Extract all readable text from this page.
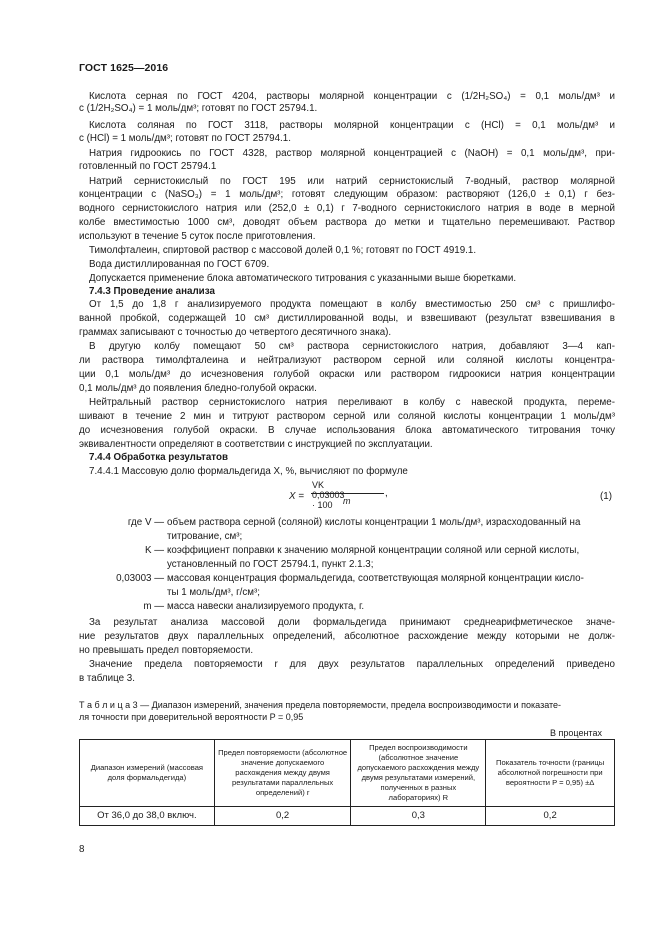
ГОСТ 1625—2016
Кислота серная по ГОСТ 4204, растворы молярной концентрации c (1/2H₂SO₄) = 0,1 моль/дм³ и
c (1/2H₂SO₄) = 1 моль/дм³; готовят по ГОСТ 25794.1.
Кислота соляная по ГОСТ 3118, растворы молярной концентрации c (HCl) = 0,1 моль/дм³ и
c (HCl) = 1 моль/дм³; готовят по ГОСТ 25794.1.
Натрия гидроокись по ГОСТ 4328, раствор молярной концентрацией c (NaOH) = 0,1 моль/дм³, при-
готовленный по ГОСТ 25794.1
Натрий сернистокислый по ГОСТ 195 или натрий сернистокислый 7-водный, раствор молярной
концентрации c (NaSO₃) = 1 моль/дм³; готовят следующим образом: растворяют (126,0 ± 0,1) г без-
водного сернистокислого натрия или (252,0 ± 0,1) г 7-водного сернистокислого натрия в воде в мерной
колбе вместимостью 1000 см³, доводят объем раствора до метки и тщательно перемешивают. Раствор
используют в течение 5 суток после приготовления.
Тимолфталеин, спиртовой раствор с массовой долей 0,1 %; готовят по ГОСТ 4919.1.
Вода дистиллированная по ГОСТ 6709.
Допускается применение блока автоматического титрования с указанными выше бюретками.
7.4.3 Проведение анализа
От 1,5 до 1,8 г анализируемого продукта помещают в колбу вместимостью 250 см³ с пришлифо-
ванной пробкой, содержащей 10 см³ дистиллированной воды, и взвешивают (результат взвешивания в
граммах записывают с точностью до четвертого десятичного знака).
В другую колбу помещают 50 см³ раствора сернистокислого натрия, добавляют 3—4 кап-
ли раствора тимолфталеина и нейтрализуют раствором серной или соляной кислоты концентра-
ции 0,1 моль/дм³ до исчезновения голубой окраски или раствором гидроокиси натрия концентрации
0,1 моль/дм³ до появления бледно-голубой окраски.
Нейтральный раствор сернистокислого натрия переливают в колбу с навеской продукта, переме-
шивают в течение 2 мин и титруют раствором серной или соляной кислоты концентрации 1 моль/дм³
до исчезновения голубой окраски. В случае использования блока автоматического титрования точку
эквивалентности определяют в соответствии с инструкцией по эксплуатации.
7.4.4 Обработка результатов
7.4.4.1 Массовую долю формальдегида X, %, вычисляют по формуле
X =
VK 0,03003 · 100	m
,	(1)
где V — объем раствора серной (соляной) кислоты концентрации 1 моль/дм³, израсходованный на
титрование, см³;
K — коэффициент поправки к значению молярной концентрации соляной или серной кислоты,
установленный по ГОСТ 25794.1, пункт 2.1.3;
0,03003 — массовая концентрация формальдегида, соответствующая молярной концентрации кисло-
ты 1 моль/дм³, г/см³;
m — масса навески анализируемого продукта, г.
За результат анализа массовой доли формальдегида принимают среднеарифметическое значе-
ние результатов двух параллельных определений, абсолютное расхождение между которыми не долж-
но превышать предел повторяемости.
Значение предела повторяемости r для двух результатов параллельных определений приведено
в таблице 3.
Т а б л и ц а 3 — Диапазон измерений, значения предела повторяемости, предела воспроизводимости и показате-
ля точности при доверительной вероятности P = 0,95
В процентах
Диапазон измерений (массовая доля формальдегида)	Предел повторяемости (абсолютное значение допускаемого расхождения между двумя результатами параллельных определений) r	Предел воспроизводимости (абсолютное значение допускаемого расхождения между двумя результатами измерений, полученных в разных лабораториях) R	Показатель точности (границы абсолютной погрешности при вероятности P = 0,95) ±Δ
От 36,0 до 38,0 включ.	0,2	0,3	0,2
8
